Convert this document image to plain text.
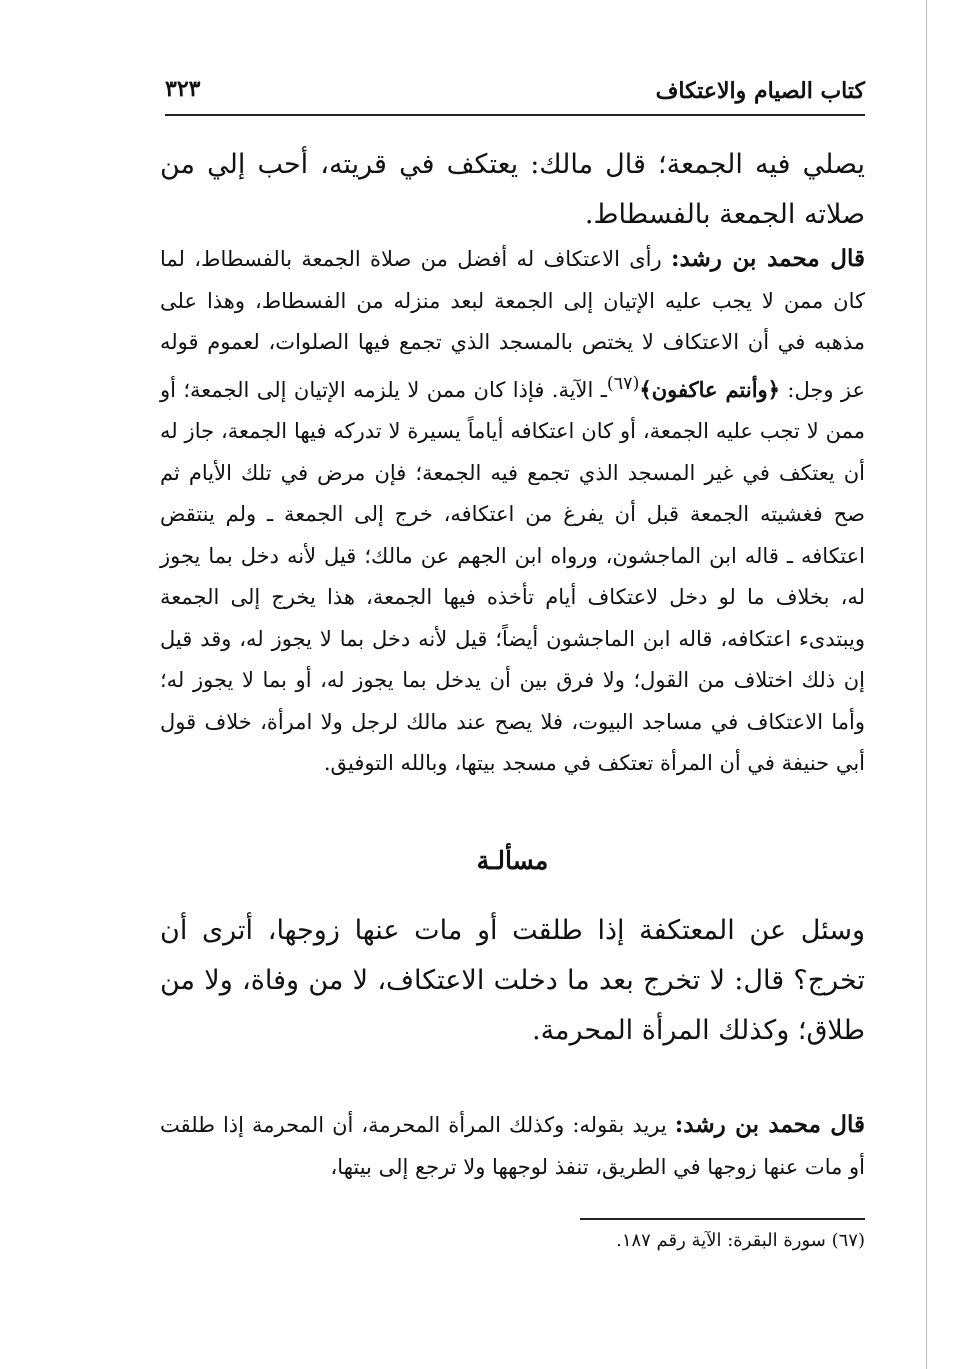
كتاب الصيام والاعتكاف
٣٢٣

يصلي فيه الجمعة؛ قال مالك: يعتكف في قريته، أحب إلي من صلاته الجمعة بالفسطاط.

قال محمد بن رشد: رأى الاعتكاف له أفضل من صلاة الجمعة بالفسطاط، لما كان ممن لا يجب عليه الإتيان إلى الجمعة لبعد منزله من الفسطاط، وهذا على مذهبه في أن الاعتكاف لا يختص بالمسجد الذي تجمع فيها الصلوات، لعموم قوله عز وجل: ﴿وأنتم عاكفون﴾$^{(٦٧)}$ـ الآية. فإذا كان ممن لا يلزمه الإتيان إلى الجمعة؛ أو ممن لا تجب عليه الجمعة، أو كان اعتكافه أياماً يسيرة لا تدركه فيها الجمعة، جاز له أن يعتكف في غير المسجد الذي تجمع فيه الجمعة؛ فإن مرض في تلك الأيام ثم صح فغشيته الجمعة قبل أن يفرغ من اعتكافه، خرج إلى الجمعة ـ ولم ينتقض اعتكافه ـ قاله ابن الماجشون، ورواه ابن الجهم عن مالك؛ قيل لأنه دخل بما يجوز له، بخلاف ما لو دخل لاعتكاف أيام تأخذه فيها الجمعة، هذا يخرج إلى الجمعة ويبتدىء اعتكافه، قاله ابن الماجشون أيضاً؛ قيل لأنه دخل بما لا يجوز له، وقد قيل إن ذلك اختلاف من القول؛ ولا فرق بين أن يدخل بما يجوز له، أو بما لا يجوز له؛ وأما الاعتكاف في مساجد البيوت، فلا يصح عند مالك لرجل ولا امرأة، خلاف قول أبي حنيفة في أن المرأة تعتكف في مسجد بيتها، وبالله التوفيق.

مسألـة

وسئل عن المعتكفة إذا طلقت أو مات عنها زوجها، أترى أن تخرج؟ قال: لا تخرج بعد ما دخلت الاعتكاف، لا من وفاة، ولا من طلاق؛ وكذلك المرأة المحرمة.

قال محمد بن رشد: يريد بقوله: وكذلك المرأة المحرمة، أن المحرمة إذا طلقت أو مات عنها زوجها في الطريق، تنفذ لوجهها ولا ترجع إلى بيتها،

(٦٧) سورة البقرة: الآية رقم ١٨٧.
